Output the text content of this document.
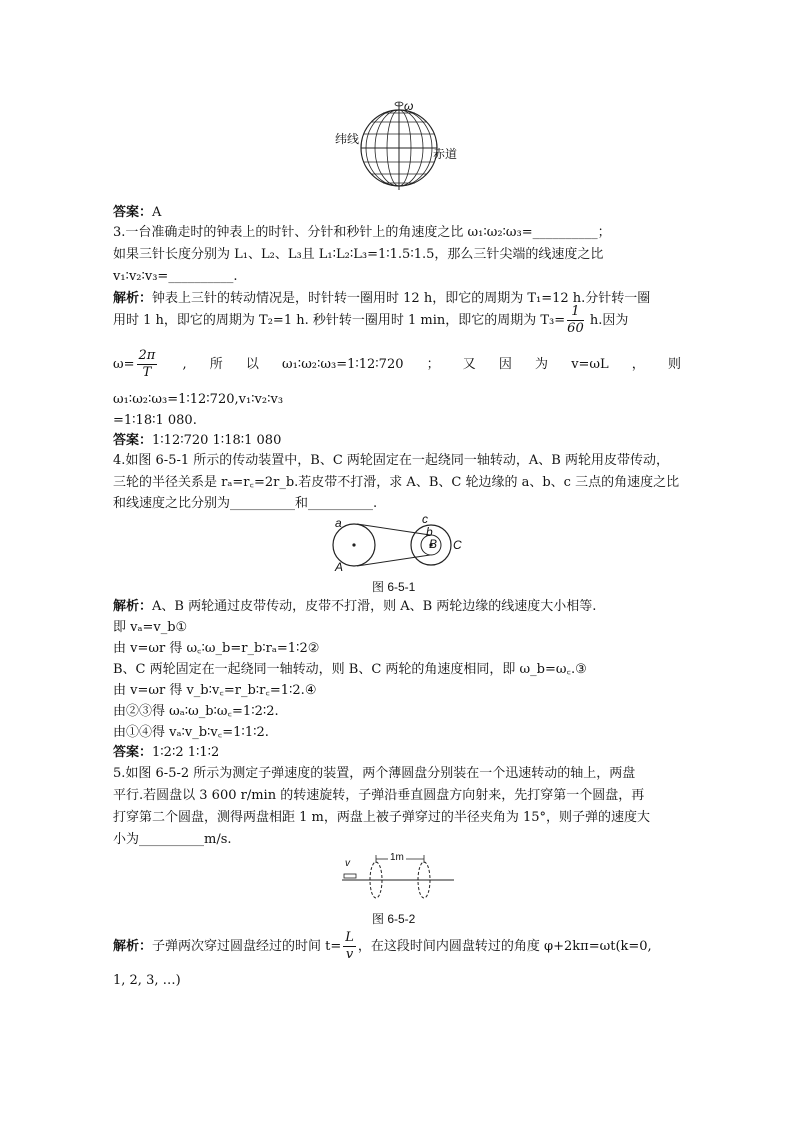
ω
纬线
赤道
答案：A
3.一台准确走时的钟表上的时针、分针和秒针上的角速度之比 ω₁∶ω₂∶ω₃=__________；
如果三针长度分别为 L₁、L₂、L₃且 L₁∶L₂∶L₃=1∶1.5∶1.5，那么三针尖端的线速度之比
v₁∶v₂∶v₃=__________.
解析：钟表上三针的转动情况是，时针转一圈用时 12 h，即它的周期为 T₁=12 h.分针转一圈
用时 1 h，即它的周期为 T₂=1 h. 秒针转一圈用时 1 min，即它的周期为 $T_3= \frac{1}{60} h$.因为
$\omega= \frac{2\pi}{T}$ , 所 以 ω₁∶ω₂∶ω₃=1∶12∶720 ； 又 因 为 v=ωL ， 则
ω₁∶ω₂∶ω₃=1∶12∶720,v₁∶v₂∶v₃
=1∶18∶1 080.
答案：1∶12∶720 1∶18∶1 080
4.如图 6-5-1 所示的传动装置中，B、C 两轮固定在一起绕同一轴转动，A、B 两轮用皮带传动，
三轮的半径关系是 rₐ=r꜀=2r_b.若皮带不打滑，求 A、B、C 轮边缘的 a、b、c 三点的角速度之比
和线速度之比分别为__________和__________.
a
A
c
b
B C
图 6-5-1
解析：A、B 两轮通过皮带传动，皮带不打滑，则 A、B 两轮边缘的线速度大小相等.
即 vₐ=v_b①
由 v=ωr 得 ω꜀∶ω_b=r_b∶rₐ=1∶2②
B、C 两轮固定在一起绕同一轴转动，则 B、C 两轮的角速度相同，即 ω_b=ω꜀.③
由 v=ωr 得 v_b∶v꜀=r_b∶r꜀=1∶2.④
由②③得 ωₐ∶ω_b∶ω꜀=1∶2∶2.
由①④得 vₐ∶v_b∶v꜀=1∶1∶2.
答案：1∶2∶2 1∶1∶2
5.如图 6-5-2 所示为测定子弹速度的装置，两个薄圆盘分别装在一个迅速转动的轴上，两盘
平行.若圆盘以 3 600 r/min 的转速旋转，子弹沿垂直圆盘方向射来，先打穿第一个圆盘，再
打穿第二个圆盘，测得两盘相距 1 m，两盘上被子弹穿过的半径夹角为 15°，则子弹的速度大
小为__________m/s.
v
1m
图 6-5-2
解析：子弹两次穿过圆盘经过的时间 $t= \frac{L}{v}$ ，在这段时间内圆盘转过的角度 φ+2kπ=ωt(k=0,
1, 2, 3, …)
